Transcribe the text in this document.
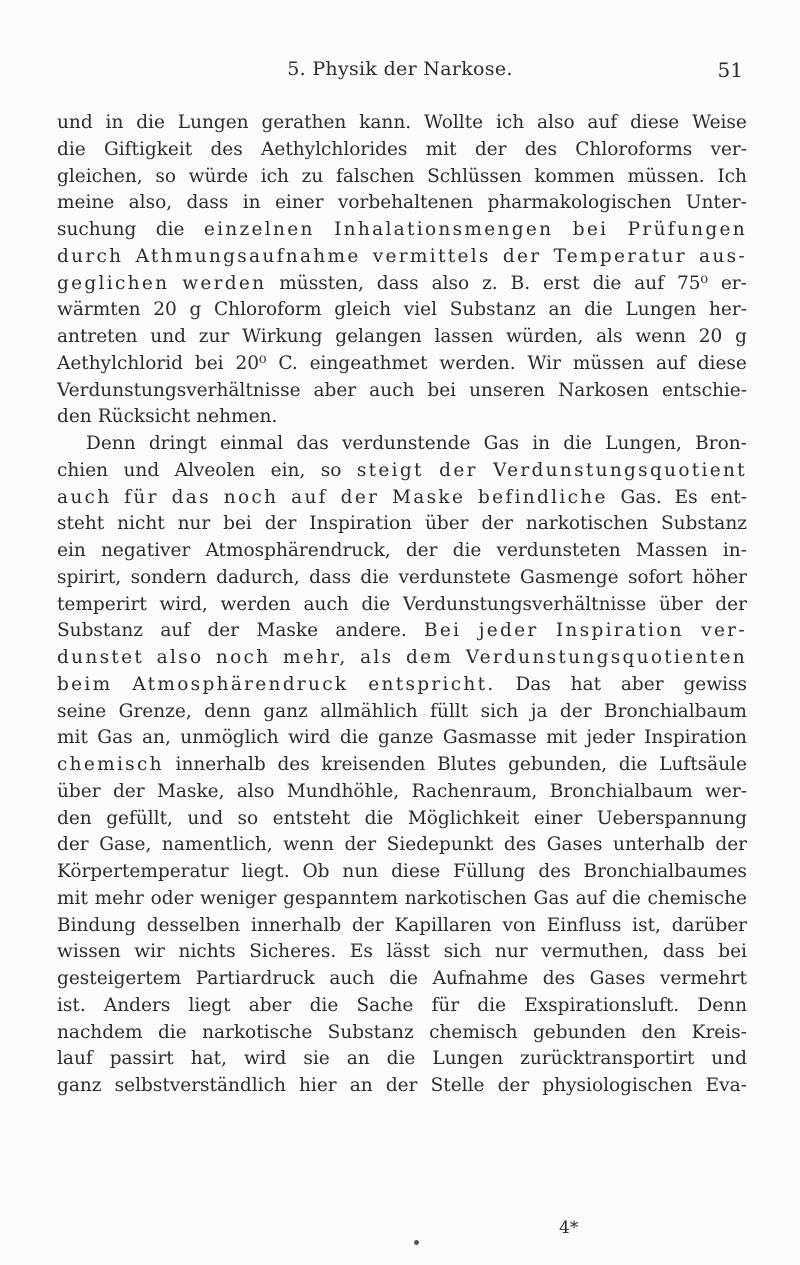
5. Physik der Narkose.	51
und in die Lungen gerathen kann. Wollte ich also auf diese Weise
die Giftigkeit des Aethylchlorides mit der des Chloroforms ver-
gleichen, so würde ich zu falschen Schlüssen kommen müssen. Ich
meine also, dass in einer vorbehaltenen pharmakologischen Unter-
suchung die einzelnen Inhalationsmengen bei Prüfungen
durch Athmungsaufnahme vermittels der Temperatur aus-
geglichen werden müssten, dass also z. B. erst die auf 75⁰ er-
wärmten 20 g Chloroform gleich viel Substanz an die Lungen her-
antreten und zur Wirkung gelangen lassen würden, als wenn 20 g
Aethylchlorid bei 20⁰ C. eingeathmet werden. Wir müssen auf diese
Verdunstungsverhältnisse aber auch bei unseren Narkosen entschie-
den Rücksicht nehmen.
Denn dringt einmal das verdunstende Gas in die Lungen, Bron-
chien und Alveolen ein, so steigt der Verdunstungsquotient
auch für das noch auf der Maske befindliche Gas. Es ent-
steht nicht nur bei der Inspiration über der narkotischen Substanz
ein negativer Atmosphärendruck, der die verdunsteten Massen in-
spirirt, sondern dadurch, dass die verdunstete Gasmenge sofort höher
temperirt wird, werden auch die Verdunstungsverhältnisse über der
Substanz auf der Maske andere. Bei jeder Inspiration ver-
dunstet also noch mehr, als dem Verdunstungsquotienten
beim Atmosphärendruck entspricht. Das hat aber gewiss
seine Grenze, denn ganz allmählich füllt sich ja der Bronchialbaum
mit Gas an, unmöglich wird die ganze Gasmasse mit jeder Inspiration
chemisch innerhalb des kreisenden Blutes gebunden, die Luftsäule
über der Maske, also Mundhöhle, Rachenraum, Bronchialbaum wer-
den gefüllt, und so entsteht die Möglichkeit einer Ueberspannung
der Gase, namentlich, wenn der Siedepunkt des Gases unterhalb der
Körpertemperatur liegt. Ob nun diese Füllung des Bronchialbaumes
mit mehr oder weniger gespanntem narkotischen Gas auf die chemische
Bindung desselben innerhalb der Kapillaren von Einfluss ist, darüber
wissen wir nichts Sicheres. Es lässt sich nur vermuthen, dass bei
gesteigertem Partiardruck auch die Aufnahme des Gases vermehrt
ist. Anders liegt aber die Sache für die Exspirationsluft. Denn
nachdem die narkotische Substanz chemisch gebunden den Kreis-
lauf passirt hat, wird sie an die Lungen zurücktransportirt und
ganz selbstverständlich hier an der Stelle der physiologischen Eva-
4*
